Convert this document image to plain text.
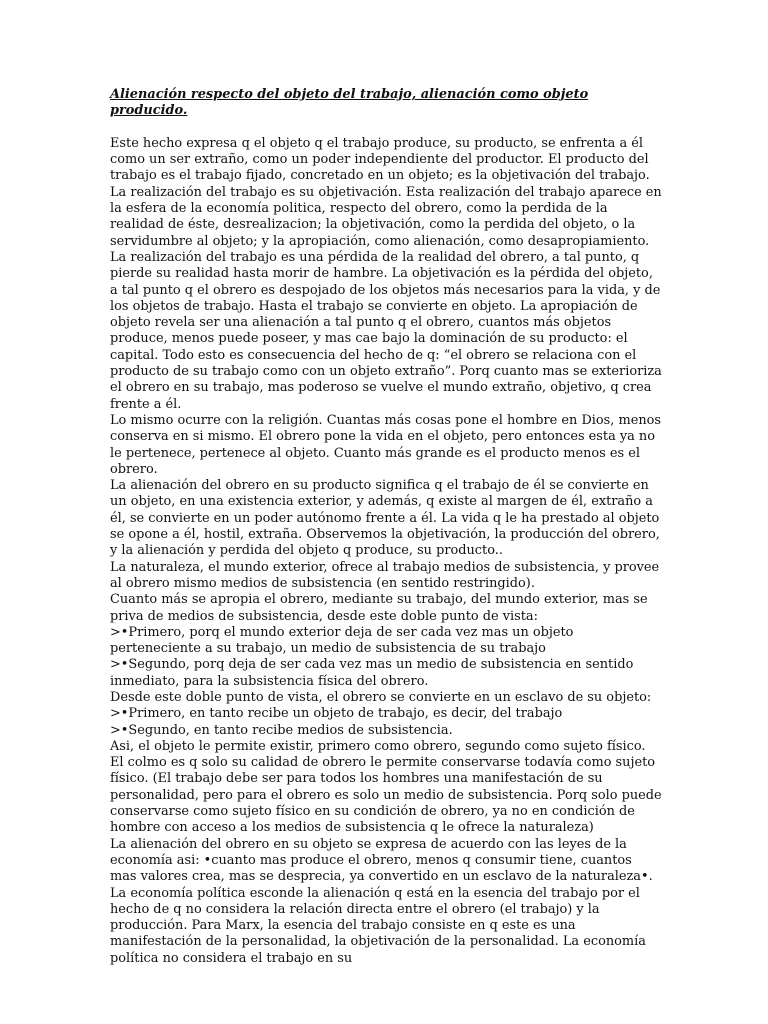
Alienación respecto del objeto del trabajo, alienación como objeto producido.

Este hecho expresa q el objeto q el trabajo produce, su producto, se enfrenta a él como un ser extraño, como un poder independiente del productor. El producto del trabajo es el trabajo fijado, concretado en un objeto; es la objetivación del trabajo. La realización del trabajo es su objetivación. Esta realización del trabajo aparece en la esfera de la economía politica, respecto del obrero, como la perdida de la realidad de éste, desrealizacion; la objetivación, como la perdida del objeto, o la servidumbre al objeto; y la apropiación, como alienación, como desapropiamiento.

La realización del trabajo es una pérdida de la realidad del obrero, a tal punto, q pierde su realidad hasta morir de hambre. La objetivación es la pérdida del objeto, a tal punto q el obrero es despojado de los objetos más necesarios para la vida, y de los objetos de trabajo. Hasta el trabajo se convierte en objeto. La apropiación de objeto revela ser una alienación a tal punto q el obrero, cuantos más objetos produce, menos puede poseer, y mas cae bajo la dominación de su producto: el capital. Todo esto es consecuencia del hecho de q: “el obrero se relaciona con el producto de su trabajo como con un objeto extraño”. Porq cuanto mas se exterioriza el obrero en su trabajo, mas poderoso se vuelve el mundo extraño, objetivo, q crea frente a él.

Lo mismo ocurre con la religión. Cuantas más cosas pone el hombre en Dios, menos conserva en si mismo. El obrero pone la vida en el objeto, pero entonces esta ya no le pertenece, pertenece al objeto. Cuanto más grande es el producto menos es el obrero.

La alienación del obrero en su producto significa q el trabajo de él se convierte en un objeto, en una existencia exterior, y además, q existe al margen de él, extraño a él, se convierte en un poder autónomo frente a él. La vida q le ha prestado al objeto se opone a él, hostil, extraña. Observemos la objetivación, la producción del obrero, y la alienación y perdida del objeto q produce, su producto..

La naturaleza, el mundo exterior, ofrece al trabajo medios de subsistencia, y provee al obrero mismo medios de subsistencia (en sentido restringido).

Cuanto más se apropia el obrero, mediante su trabajo, del mundo exterior, mas se priva de medios de subsistencia, desde este doble punto de vista:

>•Primero, porq el mundo exterior deja de ser cada vez mas un objeto perteneciente a su trabajo, un medio de subsistencia de su trabajo

>•Segundo, porq deja de ser cada vez mas un medio de subsistencia en sentido inmediato, para la subsistencia física del obrero.

Desde este doble punto de vista, el obrero se convierte en un esclavo de su objeto:

>•Primero, en tanto recibe un objeto de trabajo, es decir, del trabajo

>•Segundo, en tanto recibe medios de subsistencia.

Asi, el objeto le permite existir, primero como obrero, segundo como sujeto físico. El colmo es q solo su calidad de obrero le permite conservarse todavía como sujeto físico. (El trabajo debe ser para todos los hombres una manifestación de su personalidad, pero para el obrero es solo un medio de subsistencia. Porq solo puede conservarse como sujeto físico en su condición de obrero, ya no en condición de hombre con acceso a los medios de subsistencia q le ofrece la naturaleza)

La alienación del obrero en su objeto se expresa de acuerdo con las leyes de la economía asi: •cuanto mas produce el obrero, menos q consumir tiene, cuantos mas valores crea, mas se desprecia, ya convertido en un esclavo de la naturaleza•.

La economía política esconde la alienación q está en la esencia del trabajo por el hecho de q no considera la relación directa entre el obrero (el trabajo) y la producción. Para Marx, la esencia del trabajo consiste en q este es una manifestación de la personalidad, la objetivación de la personalidad. La economía política no considera el trabajo en su
